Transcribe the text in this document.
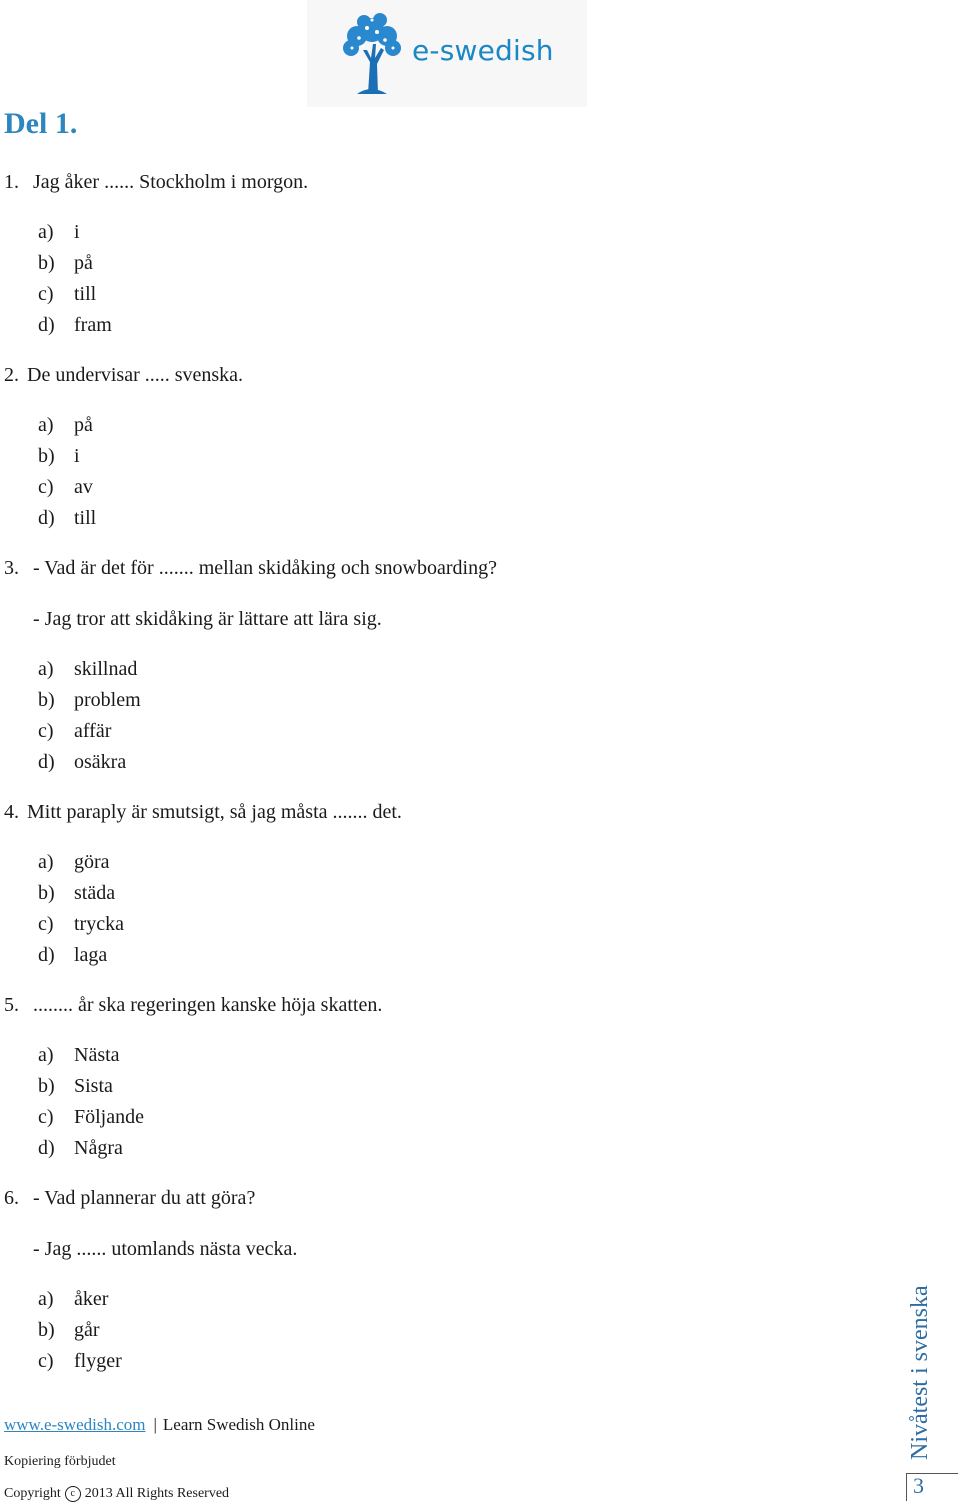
e-swedish
Del 1.
1. Jag åker ...... Stockholm i morgon.
a) i
b) på
c) till
d) fram
2. De undervisar ..... svenska.
a) på
b) i
c) av
d) till
3. - Vad är det för ....... mellan skidåking och snowboarding?
- Jag tror att skidåking är lättare att lära sig.
a) skillnad
b) problem
c) affär
d) osäkra
4. Mitt paraply är smutsigt, så jag måsta ....... det.
a) göra
b) städa
c) trycka
d) laga
5. ........ år ska regeringen kanske höja skatten.
a) Nästa
b) Sista
c) Följande
d) Några
6. - Vad plannerar du att göra?
- Jag ...... utomlands nästa vecka.
a) åker
b) går
c) flyger
www.e-swedish.com | Learn Swedish Online
Kopiering förbjudet
Copyright c 2013 All Rights Reserved
Nivåtest i svenska
3
